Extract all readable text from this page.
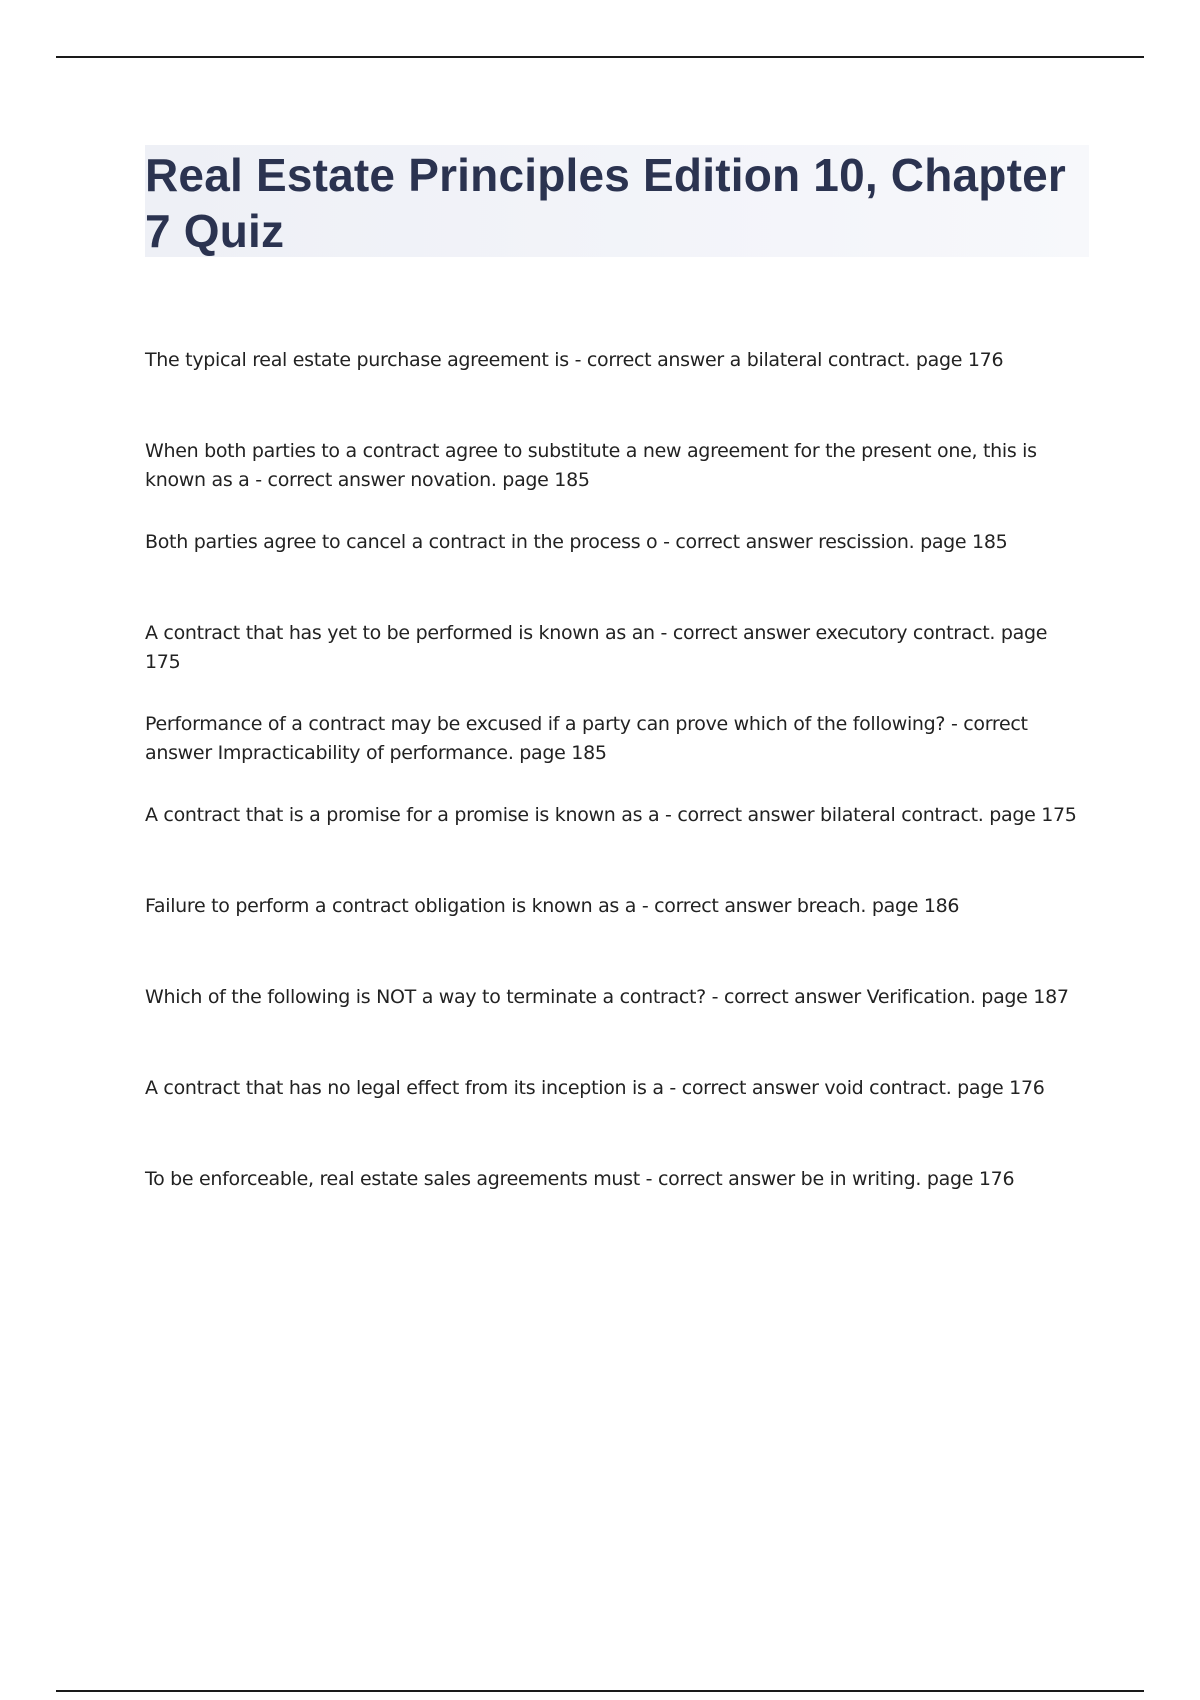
Real Estate Principles Edition 10, Chapter 7 Quiz
The typical real estate purchase agreement is - correct answer a bilateral contract. page 176
When both parties to a contract agree to substitute a new agreement for the present one, this is known as a - correct answer novation. page 185
Both parties agree to cancel a contract in the process o - correct answer rescission. page 185
A contract that has yet to be performed is known as an - correct answer executory contract. page 175
Performance of a contract may be excused if a party can prove which of the following? - correct answer Impracticability of performance. page 185
A contract that is a promise for a promise is known as a - correct answer bilateral contract. page 175
Failure to perform a contract obligation is known as a - correct answer breach. page 186
Which of the following is NOT a way to terminate a contract? - correct answer Verification. page 187
A contract that has no legal effect from its inception is a - correct answer void contract. page 176
To be enforceable, real estate sales agreements must - correct answer be in writing. page 176
